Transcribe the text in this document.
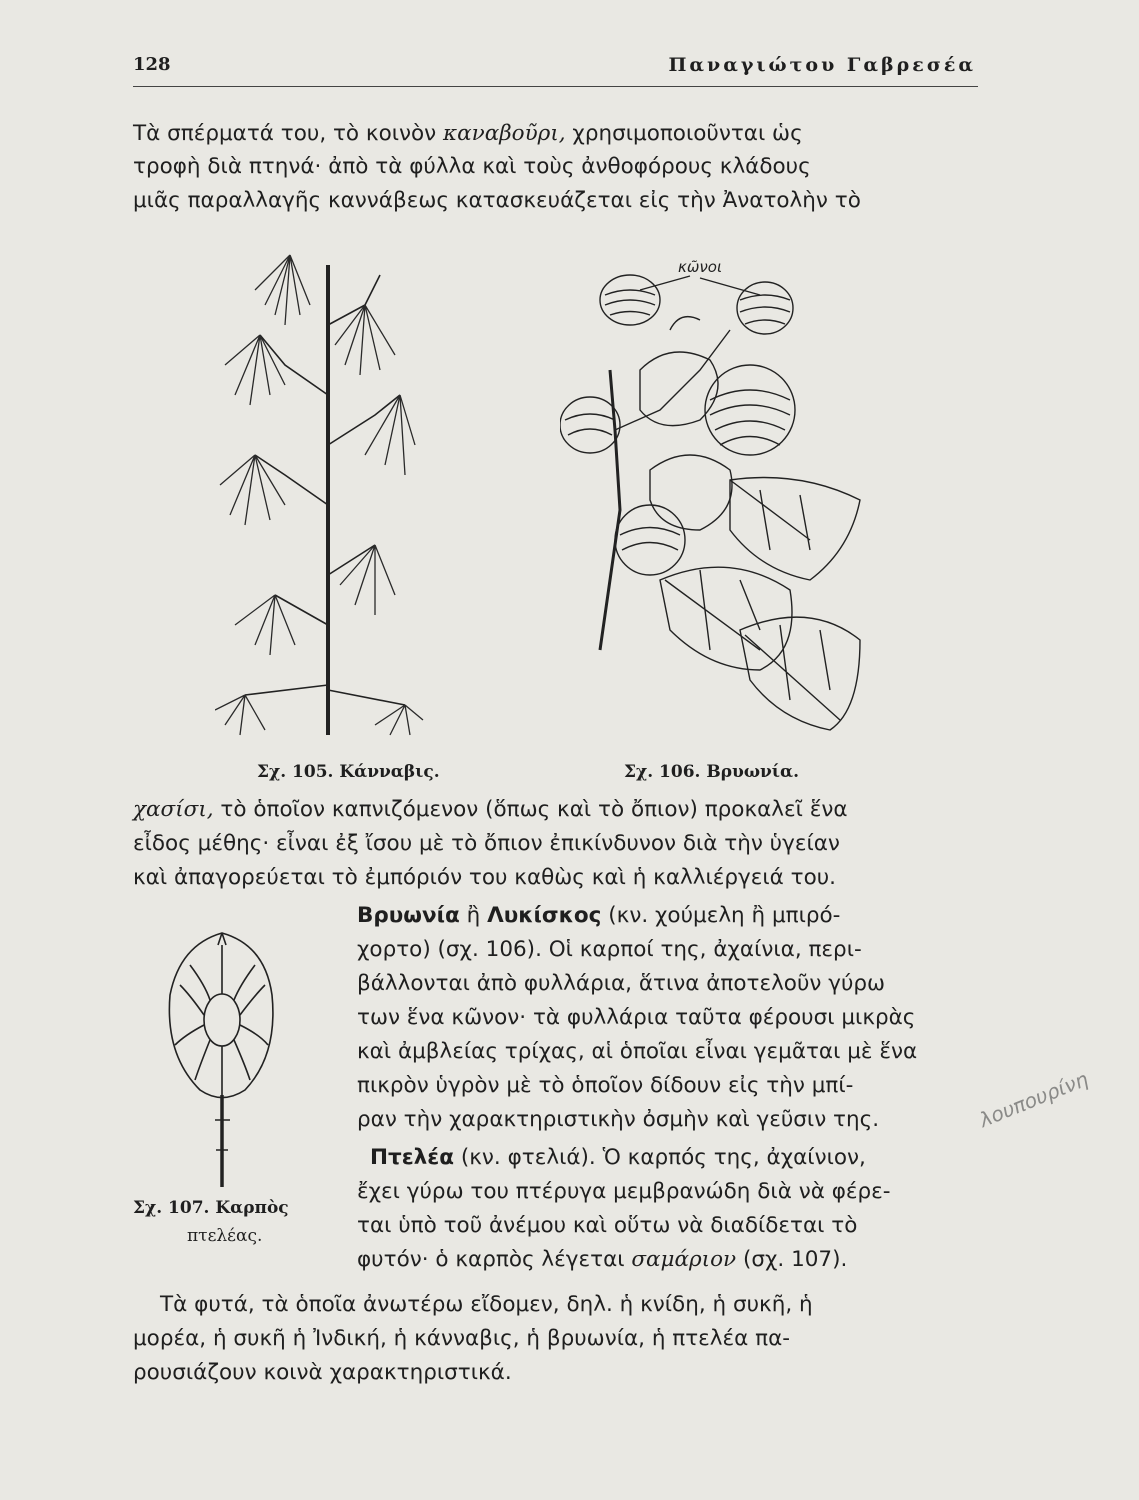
128	Παναγιώτου Γαβρεσέα
Τὰ σπέρματά του, τὸ κοινὸν καναβοῦρι, χρησιμοποιοῦνται ὡς
τροφὴ διὰ πτηνά· ἀπὸ τὰ φύλλα καὶ τοὺς ἀνθοφόρους κλάδους
μιᾶς παραλλαγῆς καννάβεως κατασκευάζεται εἰς τὴν Ἀνατολὴν τὸ
Σχ. 105. Κάνναβις.
κῶνοι
Σχ. 106. Βρυωνία.
χασίσι, τὸ ὁποῖον καπνιζόμενον (ὅπως καὶ τὸ ὄπιον) προκαλεῖ ἕνα
εἶδος μέθης· εἶναι ἐξ ἴσου μὲ τὸ ὄπιον ἐπικίνδυνον διὰ τὴν ὑγείαν
καὶ ἀπαγορεύεται τὸ ἐμπόριόν του καθὼς καὶ ἡ καλλιέργειά του.
Σχ. 107. Καρπὸς
πτελέας.
Βρυωνία ἢ Λυκίσκος (κν. χούμελη ἢ μπιρό-
χορτο) (σχ. 106). Οἱ καρποί της, ἀχαίνια, περι-
βάλλονται ἀπὸ φυλλάρια, ἅτινα ἀποτελοῦν γύρω
των ἕνα κῶνον· τὰ φυλλάρια ταῦτα φέρουσι μικρὰς
καὶ ἀμβλείας τρίχας, αἱ ὁποῖαι εἶναι γεμᾶται μὲ ἕνα
πικρὸν ὑγρὸν μὲ τὸ ὁποῖον δίδουν εἰς τὴν μπί-
ραν τὴν χαρακτηριστικὴν ὀσμὴν καὶ γεῦσιν της.
Πτελέα (κν. φτελιά). Ὁ καρπός της, ἀχαίνιον,
ἔχει γύρω του πτέρυγα μεμβρανώδη διὰ νὰ φέρε-
ται ὑπὸ τοῦ ἀνέμου καὶ οὕτω νὰ διαδίδεται τὸ
φυτόν· ὁ καρπὸς λέγεται σαμάριον (σχ. 107).
Τὰ φυτά, τὰ ὁποῖα ἀνωτέρω εἴδομεν, δηλ. ἡ κνίδη, ἡ συκῆ, ἡ
μορέα, ἡ συκῆ ἡ Ἰνδική, ἡ κάνναβις, ἡ βρυωνία, ἡ πτελέα πα-
ρουσιάζουν κοινὰ χαρακτηριστικά.
λουπουρίνη
